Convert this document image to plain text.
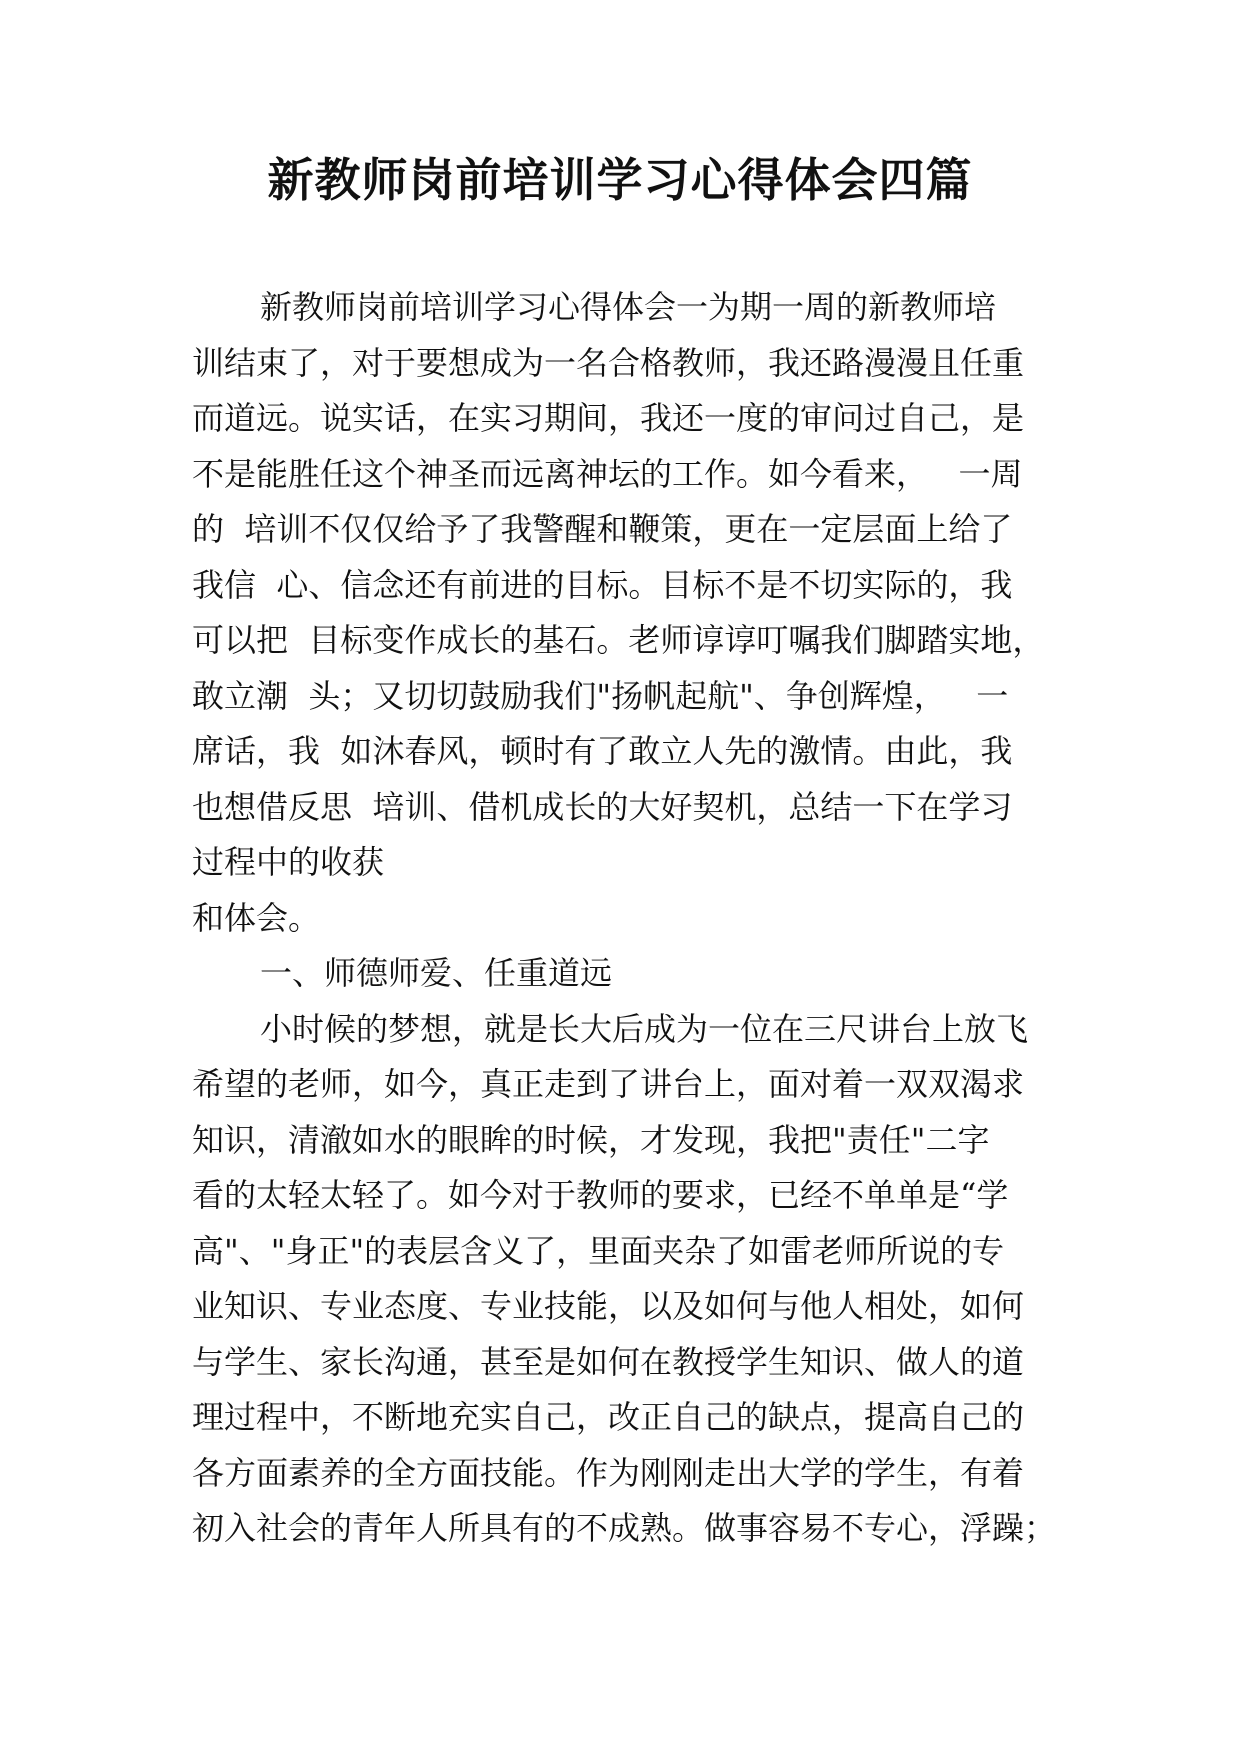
新教师岗前培训学习心得体会四篇
新教师岗前培训学习心得体会一为期一周的新教师培
训结束了，对于要想成为一名合格教师，我还路漫漫且任重
而道远。说实话，在实习期间，我还一度的审问过自己，是
不是能胜任这个神圣而远离神坛的工作。如今看来，   一周
的  培训不仅仅给予了我警醒和鞭策，更在一定层面上给了
我信  心、信念还有前进的目标。目标不是不切实际的，我
可以把  目标变作成长的基石。老师谆谆叮嘱我们脚踏实地，
敢立潮  头；又切切鼓励我们"扬帆起航"、争创辉煌，   一
席话，我  如沐春风，顿时有了敢立人先的激情。由此，我
也想借反思  培训、借机成长的大好契机，总结一下在学习
过程中的收获
和体会。
一、师德师爱、任重道远
小时候的梦想，就是长大后成为一位在三尺讲台上放飞
希望的老师，如今，真正走到了讲台上，面对着一双双渴求
知识，清澈如水的眼眸的时候，才发现，我把"责任"二字
看的太轻太轻了。如今对于教师的要求，已经不单单是“学
高"、"身正"的表层含义了，里面夹杂了如雷老师所说的专
业知识、专业态度、专业技能，以及如何与他人相处，如何
与学生、家长沟通，甚至是如何在教授学生知识、做人的道
理过程中，不断地充实自己，改正自己的缺点，提高自己的
各方面素养的全方面技能。作为刚刚走出大学的学生，有着
初入社会的青年人所具有的不成熟。做事容易不专心，浮躁；
